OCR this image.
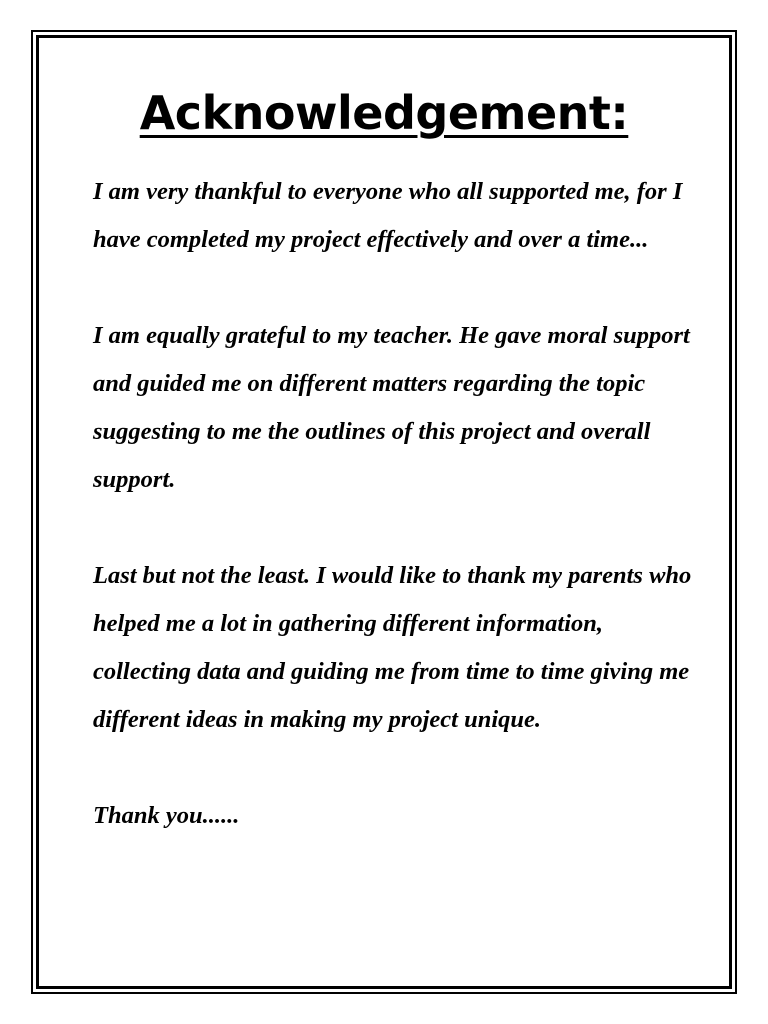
Acknowledgement:

I am very thankful to everyone who all supported me, for I have completed my project effectively and over a time...

I am equally grateful to my teacher. He gave moral support and guided me on different matters regarding the topic suggesting to me the outlines of this project and overall support.

Last but not the least. I would like to thank my parents who helped me a lot in gathering different information, collecting data and guiding me from time to time giving me different ideas in making my project unique.

Thank you......
